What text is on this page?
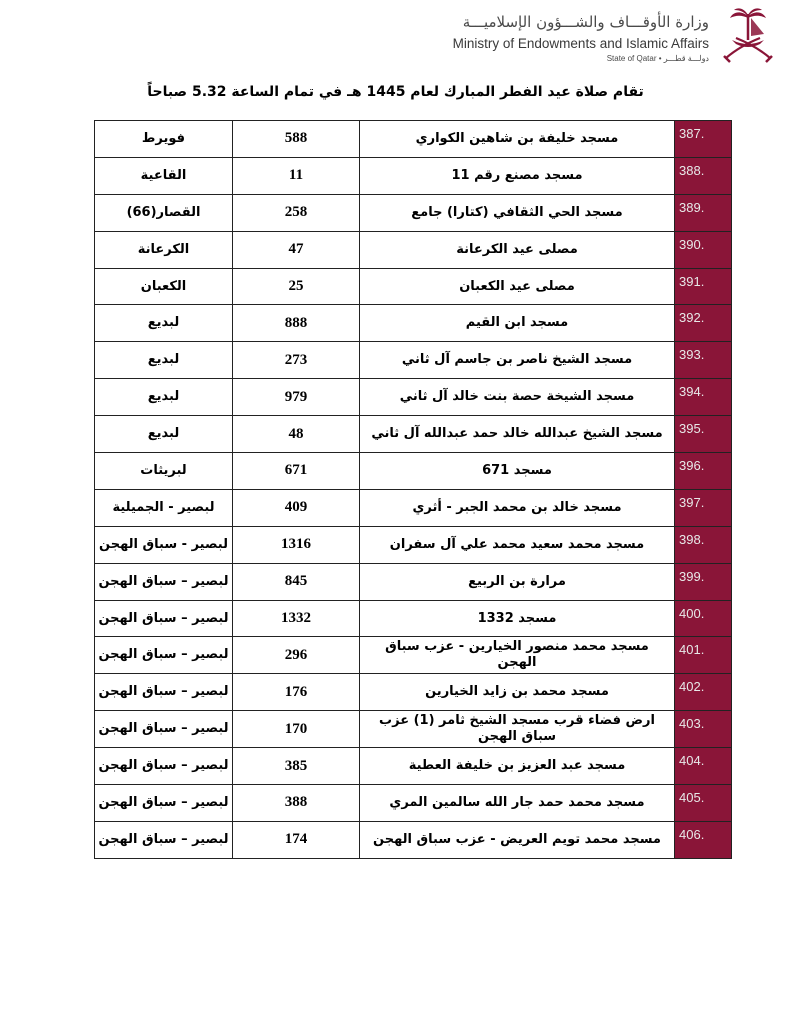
وزارة الأوقـــاف والشـــؤون الإسلاميـــة
Ministry of Endowments and Islamic Affairs
State of Qatar • دولـــة قطـــر
تقام صلاة عيد الفطر المبارك لعام 1445 هـ في تمام الساعة 5.32 صباحاً
فويرط	588	مسجد خليفة بن شاهين الكواري	387.
القاعية	11	مسجد مصنع رقم 11	388.
القصار(66)	258	مسجد الحي الثقافي (كتارا) جامع	389.
الكرعانة	47	مصلى عيد الكرعانة	390.
الكعبان	25	مصلى عيد الكعبان	391.
لبديع	888	مسجد ابن القيم	392.
لبديع	273	مسجد الشيخ ناصر بن جاسم آل ثاني	393.
لبديع	979	مسجد الشيخة حصة بنت خالد آل ثاني	394.
لبديع	48	مسجد الشيخ عبدالله خالد حمد عبدالله آل ثاني	395.
لبريثات	671	مسجد 671	396.
لبصير - الجميلية	409	مسجد خالد بن محمد الجبر - أثري	397.
لبصير - سباق الهجن	1316	مسجد محمد سعيد محمد علي آل سفران	398.
لبصير – سباق الهجن	845	مرارة بن الربيع	399.
لبصير – سباق الهجن	1332	مسجد 1332	400.
لبصير – سباق الهجن	296	مسجد محمد منصور الخيارين - عزب سباق الهجن	401.
لبصير – سباق الهجن	176	مسجد محمد بن زايد الخيارين	402.
لبصير – سباق الهجن	170	ارض فضاء قرب مسجد الشيخ ثامر (1) عزب سباق الهجن	403.
لبصير – سباق الهجن	385	مسجد عبد العزيز بن خليفة العطية	404.
لبصير – سباق الهجن	388	مسجد محمد حمد جار الله سالمين المري	405.
لبصير – سباق الهجن	174	مسجد محمد تويم العريض - عزب سباق الهجن	406.
